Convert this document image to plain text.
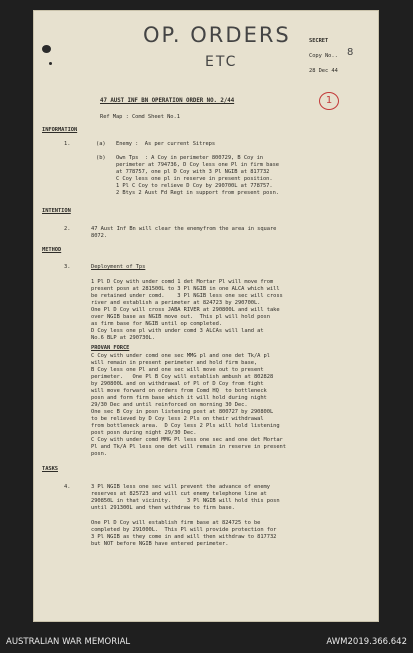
OP. ORDERS
ETC
1
SECRET
Copy No.. 8
28 Dec 44
47 AUST INF BN OPERATION ORDER NO. 2/44
Ref Map : Comd Sheet No.1
INFORMATION
1.	(a) Enemy :  As per current Sitreps
(b) Own Tps  : A Coy in perimeter 800729, B Coy in
perimeter at 794736, D Coy less one Pl in firm base
at 778757, one pl D Coy with 3 Pl NGIB at 817732
C Coy less one pl in reserve in present position.
1 Pl C Coy to relieve D Coy by 290700L at 778757.
2 Btys 2 Aust Fd Regt in support from present posn.
INTENTION
2.	47 Aust Inf Bn will clear the enemyfrom the area in square
8072.
METHOD
3.	Deployment of Tps
1 Pl D Coy with under comd 1 det Mortar Pl will move from
present posn at 281500L to 3 Pl NGIB in one ALCA which will
be retained under comd.    3 Pl NGIB less one sec will cross
river and establish a perimeter at 824723 by 290700L.
One Pl D Coy will cross JABA RIVER at 290800L and will take
over NGIB base as NGIB move out.  This pl will hold posn
as firm base for NGIB until op completed.
D Coy less one pl with under comd 3 ALCAs will land at
No.6 BLP at 290730L.
PROVAN FORCE
C Coy with under comd one sec MMG pl and one det Tk/A pl
will remain in present perimeter and hold firm base,
B Coy less one Pl and one sec will move out to present
perimeter.   One Pl B Coy will establish ambush at 802828
by 290800L and on withdrawal of Pl of D Coy from fight
will move forward on orders from Comd HQ  to bottleneck
posn and form firm base which it will hold during night
29/30 Dec and until reinforced on morning 30 Dec.
One sec B Coy in posn listening post at 800727 by 290800L
to be relieved by D Coy less 2 Pls on their withdrawal
from bottleneck area.  D Coy less 2 Pls will hold listening
post posn during night 29/30 Dec.
C Coy with under comd MMG Pl less one sec and one det Mortar
Pl and Tk/A Pl less one det will remain in reserve in present
posn.
TASKS
4.	3 Pl NGIB less one sec will prevent the advance of enemy
reserves at 825723 and will cut enemy telephone line at
290850L in that vicinity.     3 Pl NGIB will hold this posn
until 291300L and then withdraw to firm base.
One Pl D Coy will establish firm base at 824725 to be
completed by 291000L.  This Pl will provide protection for
3 Pl NGIB as they come in and will then withdraw to 817732
but NOT before NGIB have entered perimeter.
AUSTRALIAN WAR MEMORIAL	AWM2019.366.642
